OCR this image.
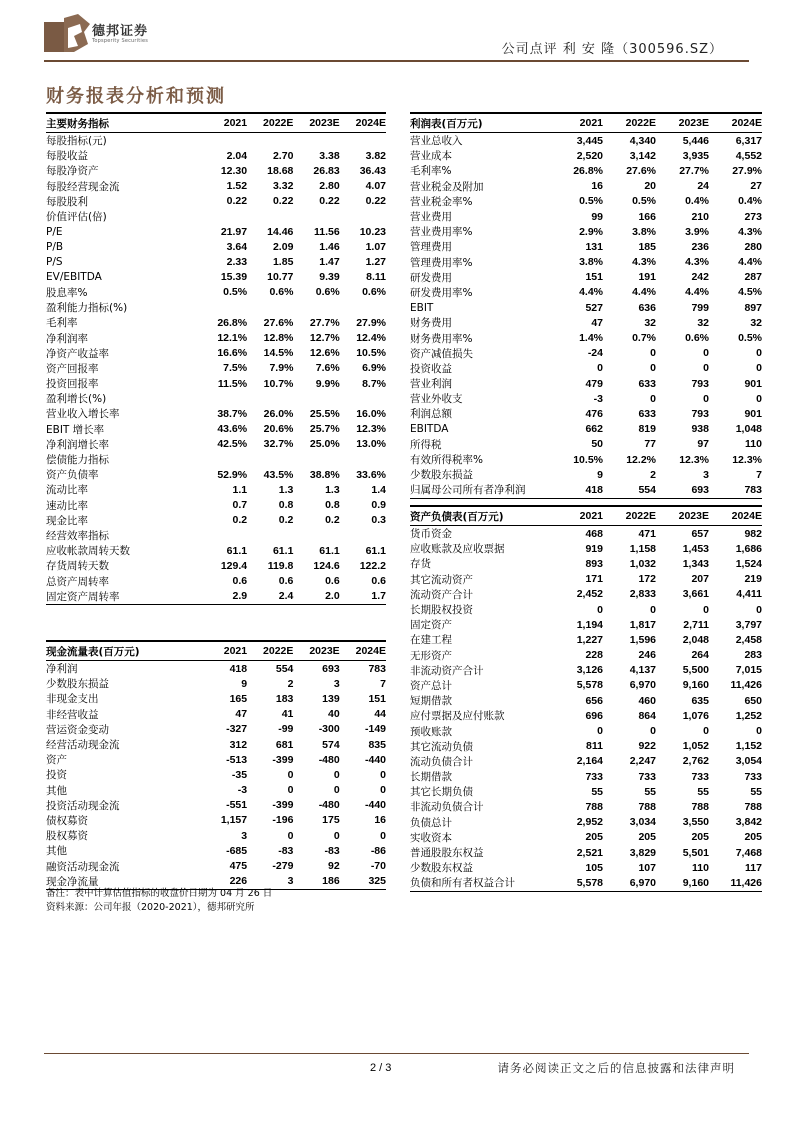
德邦证券
Topsperity Securities
公司点评 利 安 隆（300596.SZ）
财务报表分析和预测
主要财务指标	2021	2022E	2023E	2024E
每股指标(元)
每股收益	2.04	2.70	3.38	3.82
每股净资产	12.30	18.68	26.83	36.43
每股经营现金流	1.52	3.32	2.80	4.07
每股股利	0.22	0.22	0.22	0.22
价值评估(倍)
P/E	21.97	14.46	11.56	10.23
P/B	3.64	2.09	1.46	1.07
P/S	2.33	1.85	1.47	1.27
EV/EBITDA	15.39	10.77	9.39	8.11
股息率%	0.5%	0.6%	0.6%	0.6%
盈利能力指标(%)
毛利率	26.8%	27.6%	27.7%	27.9%
净利润率	12.1%	12.8%	12.7%	12.4%
净资产收益率	16.6%	14.5%	12.6%	10.5%
资产回报率	7.5%	7.9%	7.6%	6.9%
投资回报率	11.5%	10.7%	9.9%	8.7%
盈利增长(%)
营业收入增长率	38.7%	26.0%	25.5%	16.0%
EBIT 增长率	43.6%	20.6%	25.7%	12.3%
净利润增长率	42.5%	32.7%	25.0%	13.0%
偿债能力指标
资产负债率	52.9%	43.5%	38.8%	33.6%
流动比率	1.1	1.3	1.3	1.4
速动比率	0.7	0.8	0.8	0.9
现金比率	0.2	0.2	0.2	0.3
经营效率指标
应收帐款周转天数	61.1	61.1	61.1	61.1
存货周转天数	129.4	119.8	124.6	122.2
总资产周转率	0.6	0.6	0.6	0.6
固定资产周转率	2.9	2.4	2.0	1.7
利润表(百万元)	2021	2022E	2023E	2024E
营业总收入	3,445	4,340	5,446	6,317
营业成本	2,520	3,142	3,935	4,552
毛利率%	26.8%	27.6%	27.7%	27.9%
营业税金及附加	16	20	24	27
营业税金率%	0.5%	0.5%	0.4%	0.4%
营业费用	99	166	210	273
营业费用率%	2.9%	3.8%	3.9%	4.3%
管理费用	131	185	236	280
管理费用率%	3.8%	4.3%	4.3%	4.4%
研发费用	151	191	242	287
研发费用率%	4.4%	4.4%	4.4%	4.5%
EBIT	527	636	799	897
财务费用	47	32	32	32
财务费用率%	1.4%	0.7%	0.6%	0.5%
资产减值损失	-24	0	0	0
投资收益	0	0	0	0
营业利润	479	633	793	901
营业外收支	-3	0	0	0
利润总额	476	633	793	901
EBITDA	662	819	938	1,048
所得税	50	77	97	110
有效所得税率%	10.5%	12.2%	12.3%	12.3%
少数股东损益	9	2	3	7
归属母公司所有者净利润	418	554	693	783
资产负债表(百万元)	2021	2022E	2023E	2024E
货币资金	468	471	657	982
应收账款及应收票据	919	1,158	1,453	1,686
存货	893	1,032	1,343	1,524
其它流动资产	171	172	207	219
流动资产合计	2,452	2,833	3,661	4,411
长期股权投资	0	0	0	0
固定资产	1,194	1,817	2,711	3,797
在建工程	1,227	1,596	2,048	2,458
无形资产	228	246	264	283
非流动资产合计	3,126	4,137	5,500	7,015
资产总计	5,578	6,970	9,160	11,426
短期借款	656	460	635	650
应付票据及应付账款	696	864	1,076	1,252
预收账款	0	0	0	0
其它流动负债	811	922	1,052	1,152
流动负债合计	2,164	2,247	2,762	3,054
长期借款	733	733	733	733
其它长期负债	55	55	55	55
非流动负债合计	788	788	788	788
负债总计	2,952	3,034	3,550	3,842
实收资本	205	205	205	205
普通股股东权益	2,521	3,829	5,501	7,468
少数股东权益	105	107	110	117
负债和所有者权益合计	5,578	6,970	9,160	11,426
现金流量表(百万元)	2021	2022E	2023E	2024E
净利润	418	554	693	783
少数股东损益	9	2	3	7
非现金支出	165	183	139	151
非经营收益	47	41	40	44
营运资金变动	-327	-99	-300	-149
经营活动现金流	312	681	574	835
资产	-513	-399	-480	-440
投资	-35	0	0	0
其他	-3	0	0	0
投资活动现金流	-551	-399	-480	-440
债权募资	1,157	-196	175	16
股权募资	3	0	0	0
其他	-685	-83	-83	-86
融资活动现金流	475	-279	92	-70
现金净流量	226	3	186	325
备注：表中计算估值指标的收盘价日期为 04 月 26 日
资料来源：公司年报（2020-2021），德邦研究所
2 / 3	请务必阅读正文之后的信息披露和法律声明
